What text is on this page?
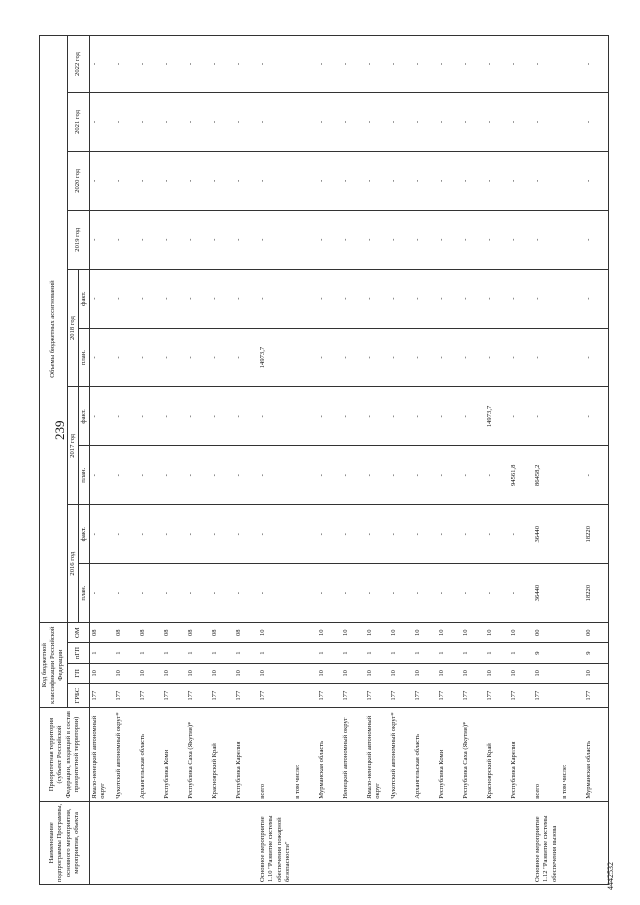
239
4442532
Наименование подпрограммы Программы, основного мероприятия, мероприятия, объекта	Приоритетная территория (субъект Российской Федерации, входящий в состав приоритетной территории)	Код бюджетной классификации Российской Федерации				Объемы бюджетных ассигнований									
		ГРБС	ГП	пГП	ОМ	2016 год		2017 год		2018 год		2019 год	2020 год	2021 год	2022 год
						план.	факт.	план.	факт.	план.	факт.				
	Ямало-ненецкий автономный округ	177	10	1	08	-	-	-	-	-	-	-	-	-	-
	Чукотский автономный округ*	177	10	1	08	-	-	-	-	-	-	-	-	-	-
	Архангельская область	177	10	1	08	-	-	-	-	-	-	-	-	-	-
	Республика Коми	177	10	1	08	-	-	-	-	-	-	-	-	-	-
	Республика Саха (Якутия)*	177	10	1	08	-	-	-	-	-	-	-	-	-	-
	Красноярский Край	177	10	1	08	-	-	-	-	-	-	-	-	-	-
	Республика Карелия	177	10	1	08	-	-	-	-	-	-	-	-	-	-
Основное мероприятие 1.10 "Развитие системы обеспечения пожарной безопасности"	всего	177	10	1	10	-	-	-	-	14973,7	-	-	-	-	-
	в том числе:														
	Мурманская область	177	10	1	10	-	-	-	-	-	-	-	-	-	-
	Ненецкий автономный округ	177	10	1	10	-	-	-	-	-	-	-	-	-	-
	Ямало-ненецкий автономный округ	177	10	1	10	-	-	-	-	-	-	-	-	-	-
	Чукотский автономный округ*	177	10	1	10	-	-	-	-	-	-	-	-	-	-
	Архангельская область	177	10	1	10	-	-	-	-	-	-	-	-	-	-
	Республика Коми	177	10	1	10	-	-	-	-	-	-	-	-	-	-
	Республика Саха (Якутия)*	177	10	1	10	-	-	-	-	-	-	-	-	-	-
	Красноярский Край	177	10	1	10	-	-	-	14973,7	-	-	-	-	-	-
	Республика Карелия	177	10	1	10	-	-	94561,8	-	-	-	-	-	-	-
Основное мероприятие 1.12 "Развитие системы обеспечения вызова	всего	177	10	9	00	36440	36440	86458,2	-	-	-	-	-	-	-
	в том числе:														
	Мурманская область	177	10	9	00	18220	18220	-	-	-	-	-	-	-	-
